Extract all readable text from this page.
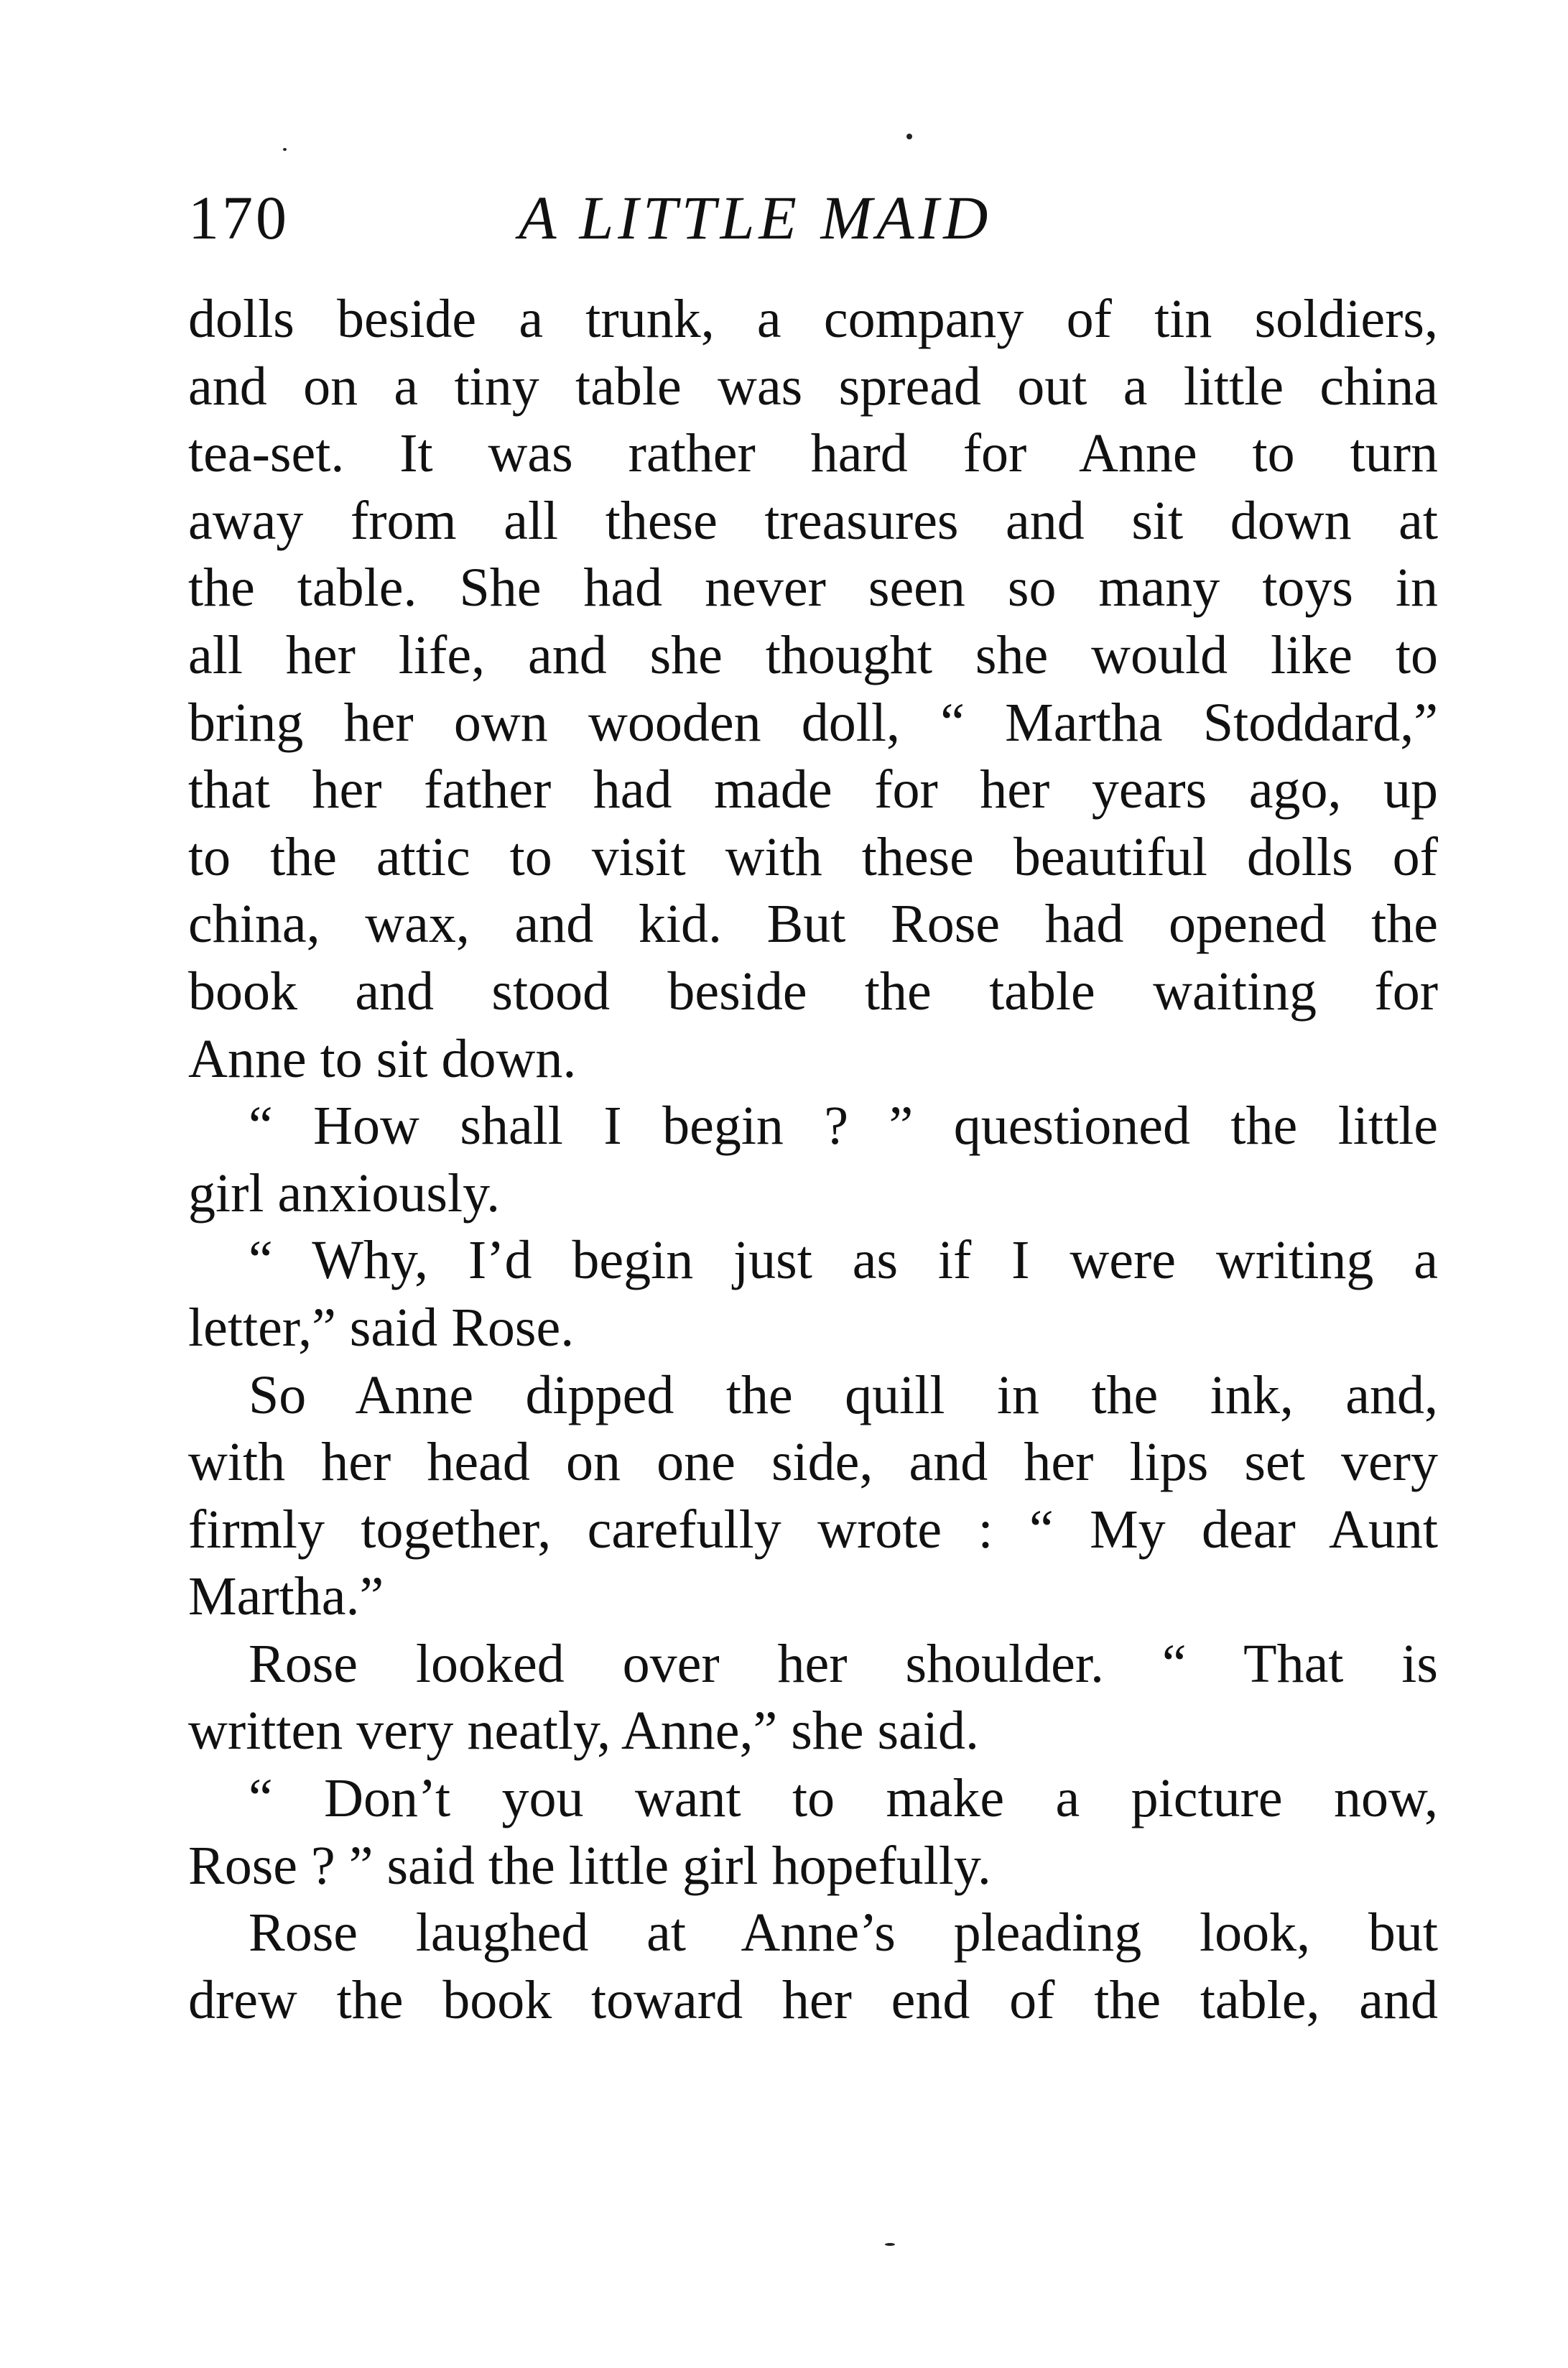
170	A LITTLE MAID

dolls beside a trunk, a company of tin soldiers,
and on a tiny table was spread out a little china
tea-set. It was rather hard for Anne to turn
away from all these treasures and sit down at
the table. She had never seen so many toys in
all her life, and she thought she would like to
bring her own wooden doll, “ Martha Stoddard,”
that her father had made for her years ago, up
to the attic to visit with these beautiful dolls of
china, wax, and kid. But Rose had opened the
book and stood beside the table waiting for
Anne to sit down.

“ How shall I begin ? ” questioned the little
girl anxiously.

“ Why, I’d begin just as if I were writing a
letter,” said Rose.

So Anne dipped the quill in the ink, and,
with her head on one side, and her lips set very
firmly together, carefully wrote : “ My dear Aunt
Martha.”

Rose looked over her shoulder. “ That is
written very neatly, Anne,” she said.

“ Don’t you want to make a picture now,
Rose ? ” said the little girl hopefully.

Rose laughed at Anne’s pleading look, but
drew the book toward her end of the table, and
